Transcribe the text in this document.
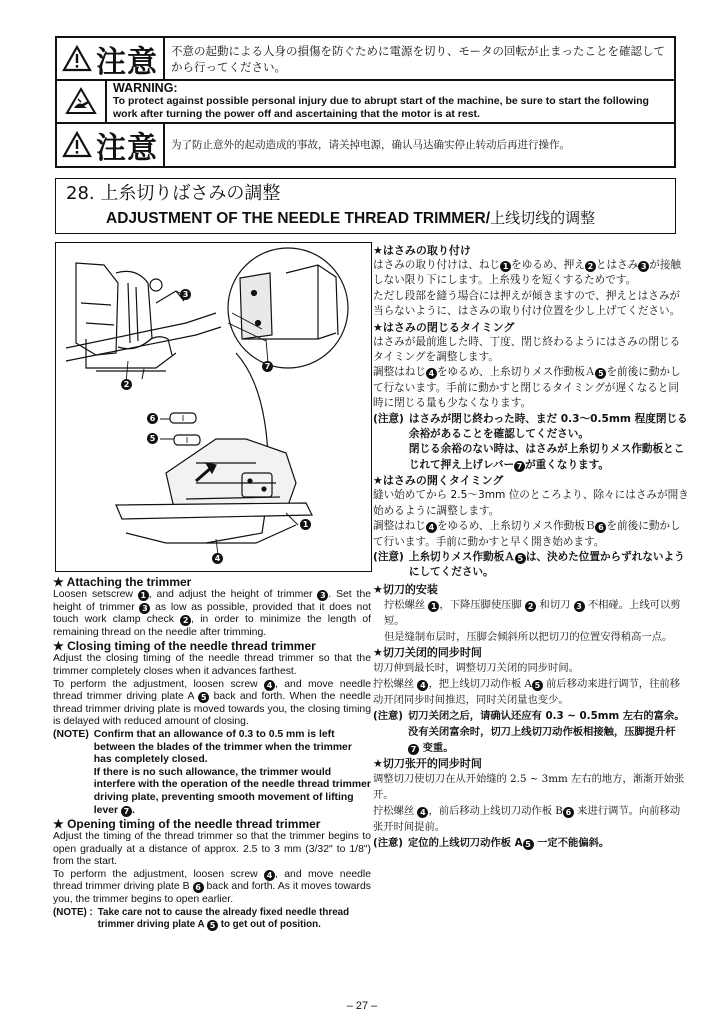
注意	不意の起動による人身の損傷を防ぐために電源を切り、モータの回転が止まったことを確認してから行ってください。
WARNING:
To protect against possible personal injury due to abrupt start of the machine, be sure to start the following work after turning the power off and ascertaining that the motor is at rest.
注意	为了防止意外的起动造成的事故，请关掉电源，确认马达确实停止转动后再进行操作。
28. 上糸切りばさみの調整
ADJUSTMENT OF THE NEEDLE THREAD TRIMMER/上线切线的调整
3
2
7
6
5
1
4
★ Attaching the trimmer
Loosen setscrew 1 , and adjust the height of trimmer 3 . Set the height of trimmer 3 as low as possible, provided that it does not touch work clamp check 2 , in order to minimize the length of remaining thread on the needle after trimming.
★ Closing timing of the needle thread trimmer
Adjust the closing timing of the needle thread trimmer so that the trimmer completely closes when it advances farthest.
To perform the adjustment, loosen screw 4 , and move needle thread trimmer driving plate A 5 back and forth. When the needle thread trimmer driving plate is moved towards you, the closing timing is delayed with reduced amount of closing.
(NOTE) Confirm that an allowance of 0.3 to 0.5 mm is left between the blades of the trimmer when the trimmer has completely closed.
If there is no such allowance, the trimmer would interfere with the operation of the needle thread trimmer driving plate, preventing smooth movement of lifting lever 7 .
★ Opening timing of the needle thread trimmer
Adjust the timing of the thread trimmer so that the trimmer begins to open gradually at a distance of approx. 2.5 to 3 mm (3/32" to 1/8") from the start.
To perform the adjustment, loosen screw 4 , and move needle thread trimmer driving plate B 6 back and forth. As it moves towards you, the trimmer begins to open earlier.
(NOTE) : Take care not to cause the already fixed needle thread trimmer driving plate A 5 to get out of position.
★はさみの取り付け
はさみの取り付けは、ねじ 1 をゆるめ、押え 2 とはさみ 3 が接触しない限り下にします。上糸残りを短くするためです。
ただし段部を縫う場合には押えが傾きますので、押えとはさみが当らないように、はさみの取り付け位置を少し上げてください。
★はさみの閉じるタイミング
はさみが最前進した時、丁度、閉じ終わるようにはさみの閉じるタイミングを調整します。
調整はねじ 4 をゆるめ、上糸切りメス作動板Ａ 5 を前後に動かして行ないます。手前に動かすと閉じるタイミングが遅くなると同時に閉じる量も少なくなります。
(注意) はさみが閉じ終わった時、まだ 0.3〜0.5mm 程度閉じる余裕があることを確認してください。
閉じる余裕のない時は、はさみが上糸切りメス作動板とこじれて押え上げレバー 7 が重くなります。
★はさみの開くタイミング
縫い始めてから 2.5〜3mm 位のところより、除々にはさみが開き始めるように調整します。
調整はねじ 4 をゆるめ、上糸切りメス作動板Ｂ 6 を前後に動かして行います。手前に動かすと早く開き始めます。
(注意) 上糸切りメス作動板Ａ 5 は、決めた位置からずれないようにしてください。
★切刀的安装
拧松螺丝 1 ，下降压脚使压脚 2 和切刀 3 不相碰。上线可以剪短。
但是缝制布层时，压脚会倾斜所以把切刀的位置安得稍高一点。
★切刀关闭的同步时间
切刀伸到最长时，调整切刀关闭的同步时间。
拧松螺丝 4 ，把上线切刀动作板 A 5 前后移动来进行调节，往前移动开闭同步时间推迟，同时关闭量也变少。
(注意) 切刀关闭之后，请确认还应有 0.3 ~ 0.5mm 左右的富余。没有关闭富余时，切刀上线切刀动作板相接触，压脚提升杆 7 变重。
★切刀张开的同步时间
调整切刀使切刀在从开始缝的 2.5 ~ 3mm 左右的地方，渐渐开始张开。
拧松螺丝 4 ，前后移动上线切刀动作板 B 6 来进行调节。向前移动张开时间提前。
(注意) 定位的上线切刀动作板 A 5 一定不能偏斜。
– 27 –
